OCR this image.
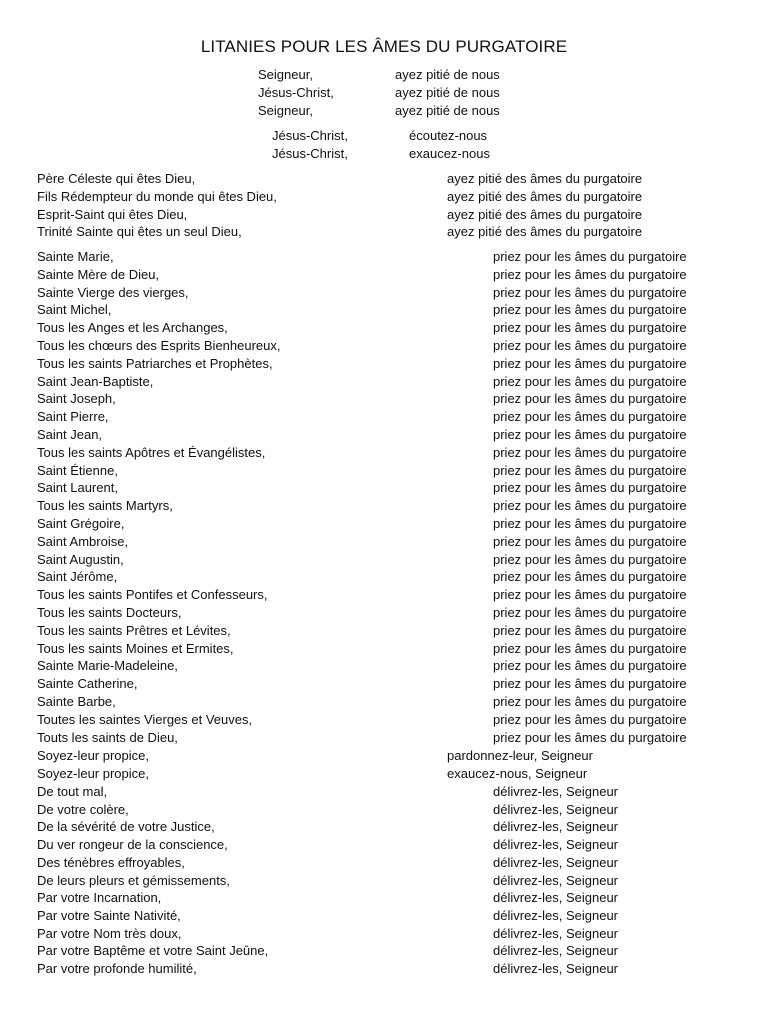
LITANIES POUR LES ÂMES DU PURGATOIRE
Seigneur,	ayez pitié de nous
Jésus-Christ,	ayez pitié de nous
Seigneur,	ayez pitié de nous
Jésus-Christ,	écoutez-nous
Jésus-Christ,	exaucez-nous
Père Céleste qui êtes Dieu,	ayez pitié des âmes du purgatoire
Fils Rédempteur du monde qui êtes Dieu,	ayez pitié des âmes du purgatoire
Esprit-Saint qui êtes Dieu,	ayez pitié des âmes du purgatoire
Trinité Sainte qui êtes un seul Dieu,	ayez pitié des âmes du purgatoire
Sainte Marie,	priez pour les âmes du purgatoire
Sainte Mère de Dieu,	priez pour les âmes du purgatoire
Sainte Vierge des vierges,	priez pour les âmes du purgatoire
Saint Michel,	priez pour les âmes du purgatoire
Tous les Anges et les Archanges,	priez pour les âmes du purgatoire
Tous les chœurs des Esprits Bienheureux,	priez pour les âmes du purgatoire
Tous les saints Patriarches et Prophètes,	priez pour les âmes du purgatoire
Saint Jean-Baptiste,	priez pour les âmes du purgatoire
Saint Joseph,	priez pour les âmes du purgatoire
Saint Pierre,	priez pour les âmes du purgatoire
Saint Jean,	priez pour les âmes du purgatoire
Tous les saints Apôtres et Évangélistes,	priez pour les âmes du purgatoire
Saint Étienne,	priez pour les âmes du purgatoire
Saint Laurent,	priez pour les âmes du purgatoire
Tous les saints Martyrs,	priez pour les âmes du purgatoire
Saint Grégoire,	priez pour les âmes du purgatoire
Saint Ambroise,	priez pour les âmes du purgatoire
Saint Augustin,	priez pour les âmes du purgatoire
Saint Jérôme,	priez pour les âmes du purgatoire
Tous les saints Pontifes et Confesseurs,	priez pour les âmes du purgatoire
Tous les saints Docteurs,	priez pour les âmes du purgatoire
Tous les saints Prêtres et Lévites,	priez pour les âmes du purgatoire
Tous les saints Moines et Ermites,	priez pour les âmes du purgatoire
Sainte Marie-Madeleine,	priez pour les âmes du purgatoire
Sainte Catherine,	priez pour les âmes du purgatoire
Sainte Barbe,	priez pour les âmes du purgatoire
Toutes les saintes Vierges et Veuves,	priez pour les âmes du purgatoire
Touts les saints de Dieu,	priez pour les âmes du purgatoire
Soyez-leur propice,	pardonnez-leur, Seigneur
Soyez-leur propice,	exaucez-nous, Seigneur
De tout mal,	délivrez-les, Seigneur
De votre colère,	délivrez-les, Seigneur
De la sévérité de votre Justice,	délivrez-les, Seigneur
Du ver rongeur de la conscience,	délivrez-les, Seigneur
Des ténèbres effroyables,	délivrez-les, Seigneur
De leurs pleurs et gémissements,	délivrez-les, Seigneur
Par votre Incarnation,	délivrez-les, Seigneur
Par votre Sainte Nativité,	délivrez-les, Seigneur
Par votre Nom très doux,	délivrez-les, Seigneur
Par votre Baptême et votre Saint Jeûne,	délivrez-les, Seigneur
Par votre profonde humilité,	délivrez-les, Seigneur
